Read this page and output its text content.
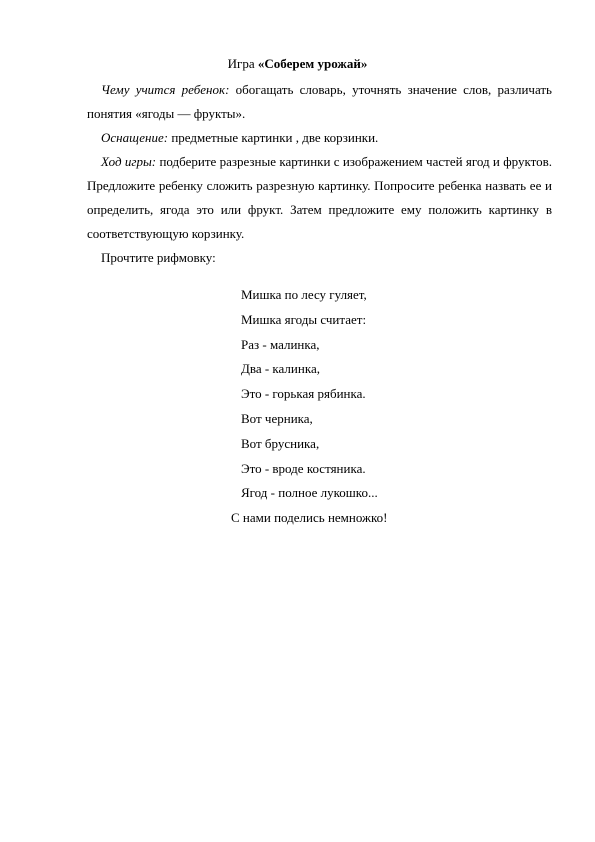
Игра «Соберем урожай»
Чему учится ребенок: обогащать словарь, уточнять значение слов, различать понятия «ягоды — фрукты».
Оснащение: предметные картинки , две корзинки.
Ход игры: подберите разрезные картинки с изображением частей ягод и фруктов. Предложите ребенку сложить разрезную картинку. Попросите ребенка назвать ее и определить, ягода это или фрукт. Затем предложите ему положить картинку в соответствующую корзинку.
Прочтите рифмовку:
Мишка по лесу гуляет,
Мишка ягоды считает:
Раз - малинка,
Два - калинка,
Это - горькая рябинка.
Вот черника,
Вот брусника,
Это - вроде костяника.
Ягод - полное лукошко...
С нами поделись немножко!
